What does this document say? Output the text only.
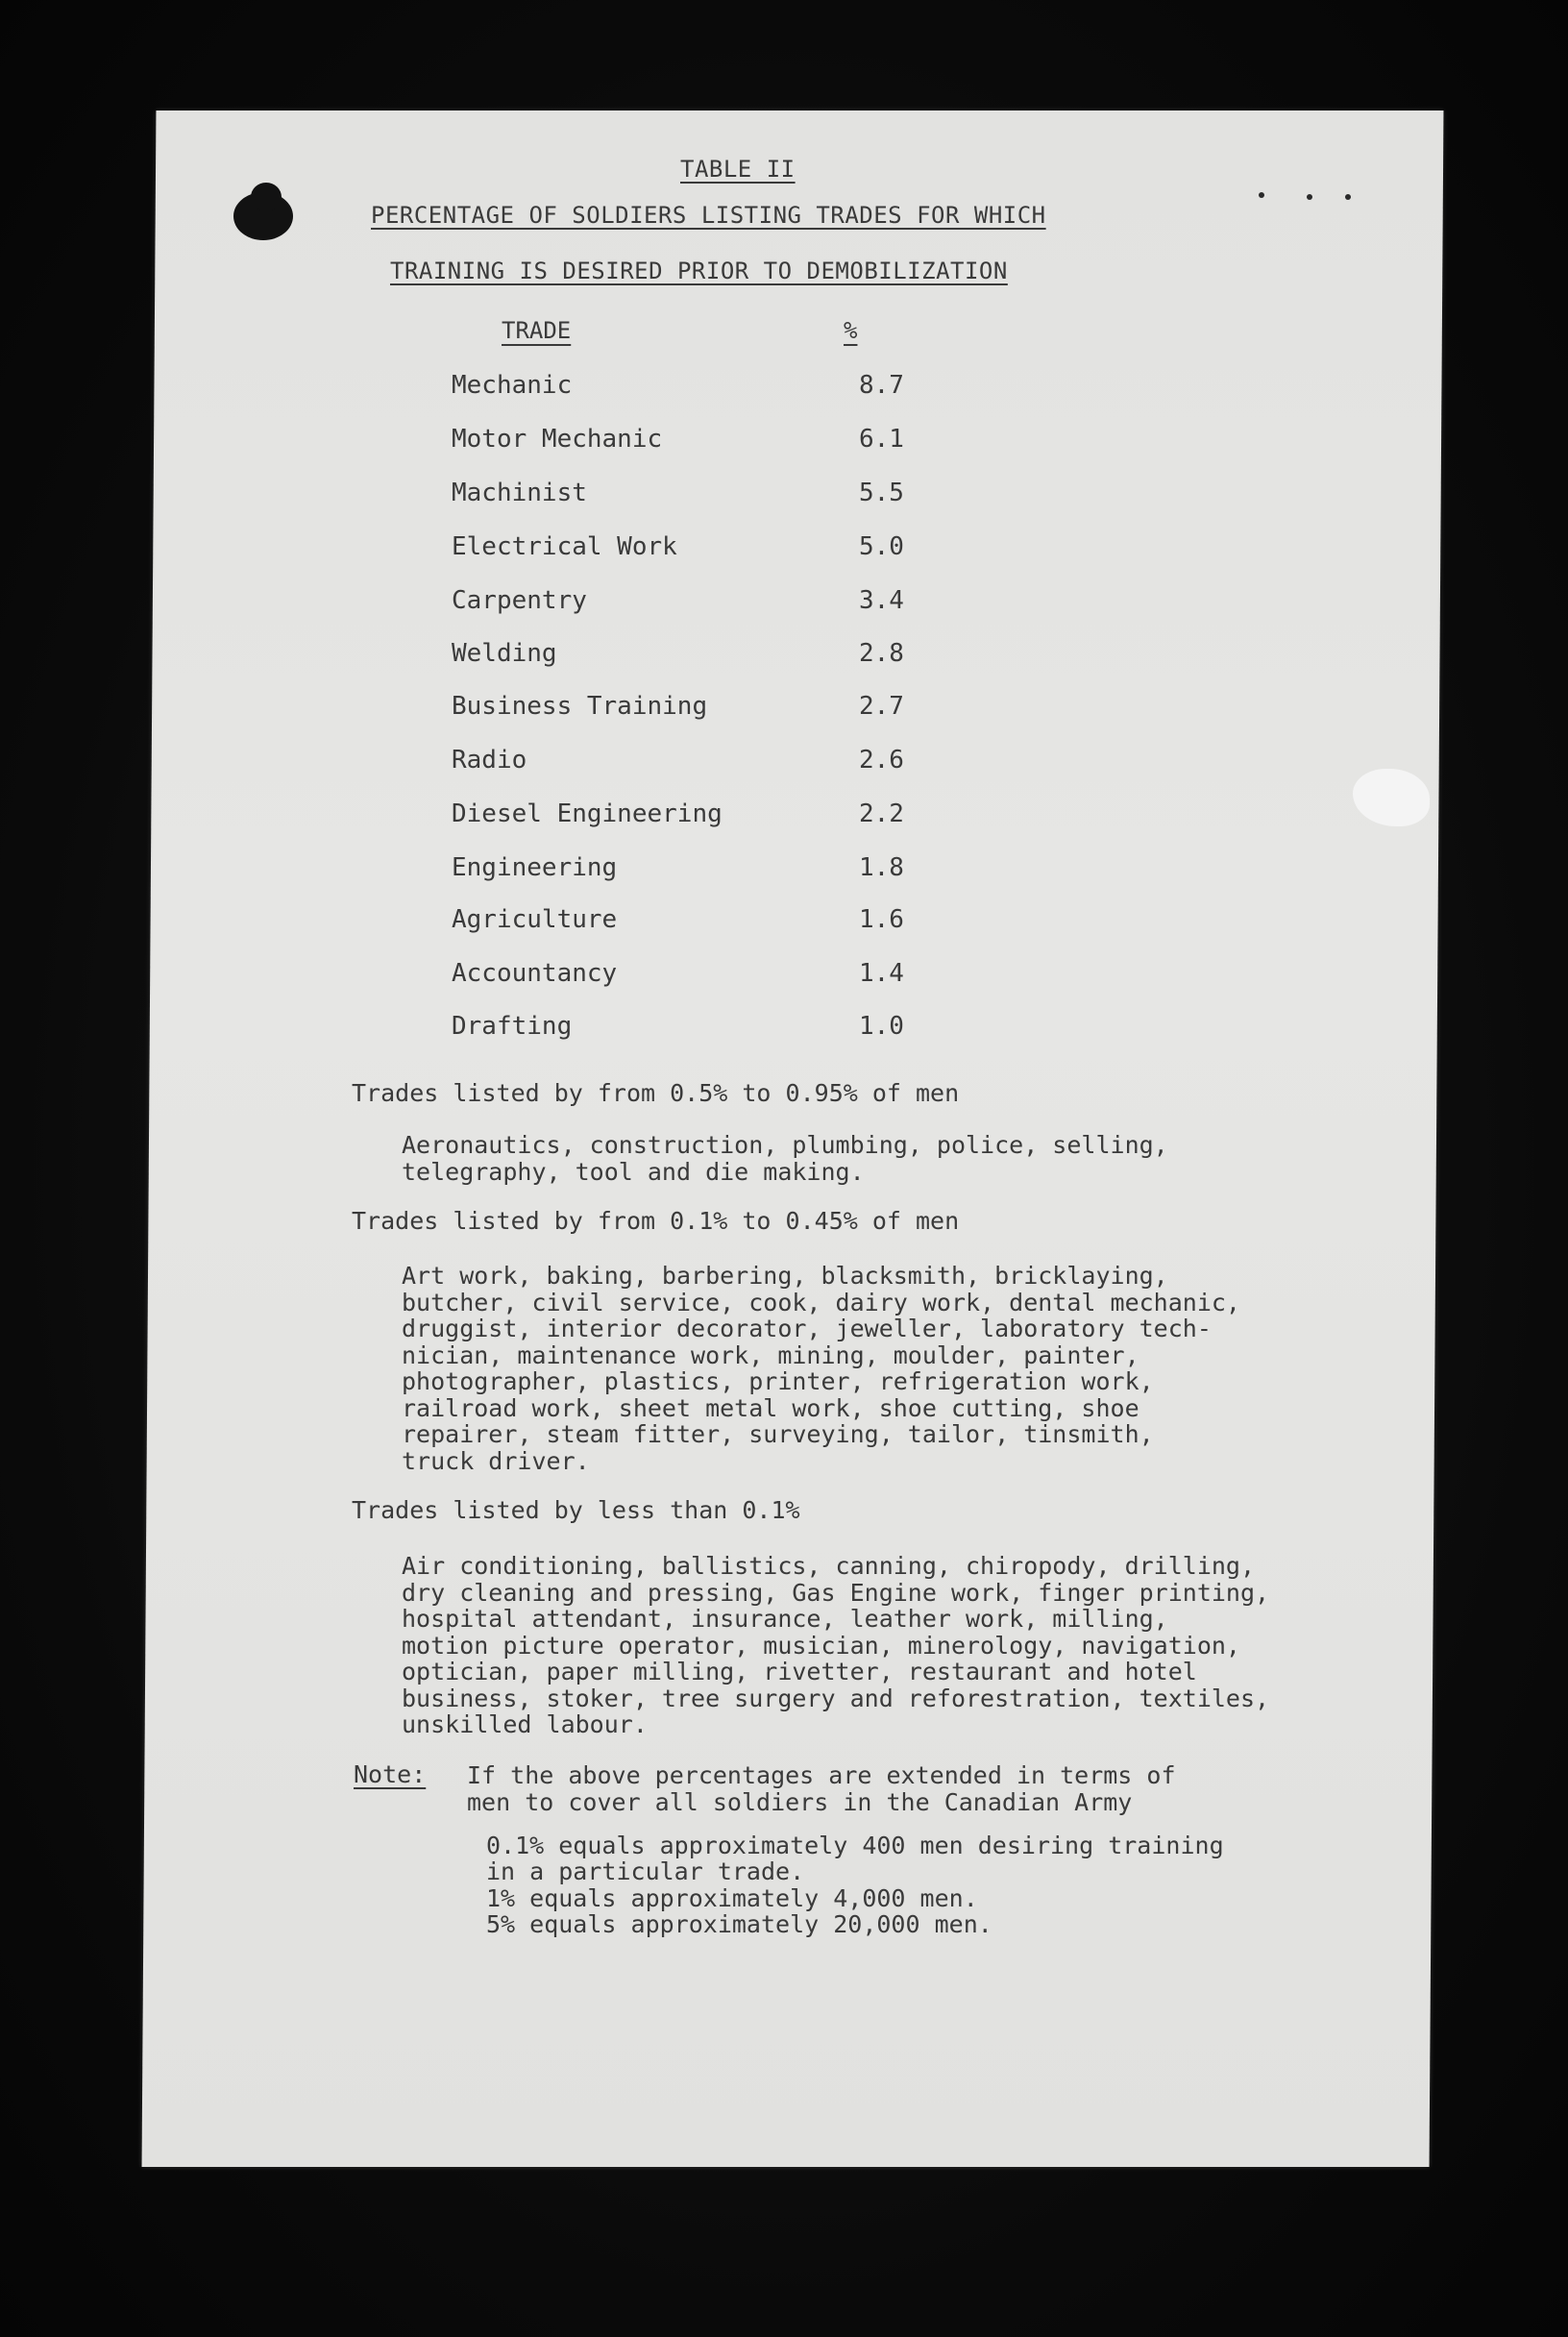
TABLE II
PERCENTAGE OF SOLDIERS LISTING TRADES FOR WHICH
TRAINING IS DESIRED PRIOR TO DEMOBILIZATION
TRADE	%
Mechanic	8.7
Motor Mechanic	6.1
Machinist	5.5
Electrical Work	5.0
Carpentry	3.4
Welding	2.8
Business Training	2.7
Radio	2.6
Diesel Engineering	2.2
Engineering	1.8
Agriculture	1.6
Accountancy	1.4
Drafting	1.0
Trades listed by from 0.5% to 0.95% of men
Aeronautics, construction, plumbing, police, selling,
telegraphy, tool and die making.
Trades listed by from 0.1% to 0.45% of men
Art work, baking, barbering, blacksmith, bricklaying,
butcher, civil service, cook, dairy work, dental mechanic,
druggist, interior decorator, jeweller, laboratory tech-
nician, maintenance work, mining, moulder, painter,
photographer, plastics, printer, refrigeration work,
railroad work, sheet metal work, shoe cutting, shoe
repairer, steam fitter, surveying, tailor, tinsmith,
truck driver.
Trades listed by less than 0.1%
Air conditioning, ballistics, canning, chiropody, drilling,
dry cleaning and pressing, Gas Engine work, finger printing,
hospital attendant, insurance, leather work, milling,
motion picture operator, musician, minerology, navigation,
optician, paper milling, rivetter, restaurant and hotel
business, stoker, tree surgery and reforestration, textiles,
unskilled labour.
Note: If the above percentages are extended in terms of
men to cover all soldiers in the Canadian Army
0.1% equals approximately 400 men desiring training
in a particular trade.
1% equals approximately 4,000 men.
5% equals approximately 20,000 men.
